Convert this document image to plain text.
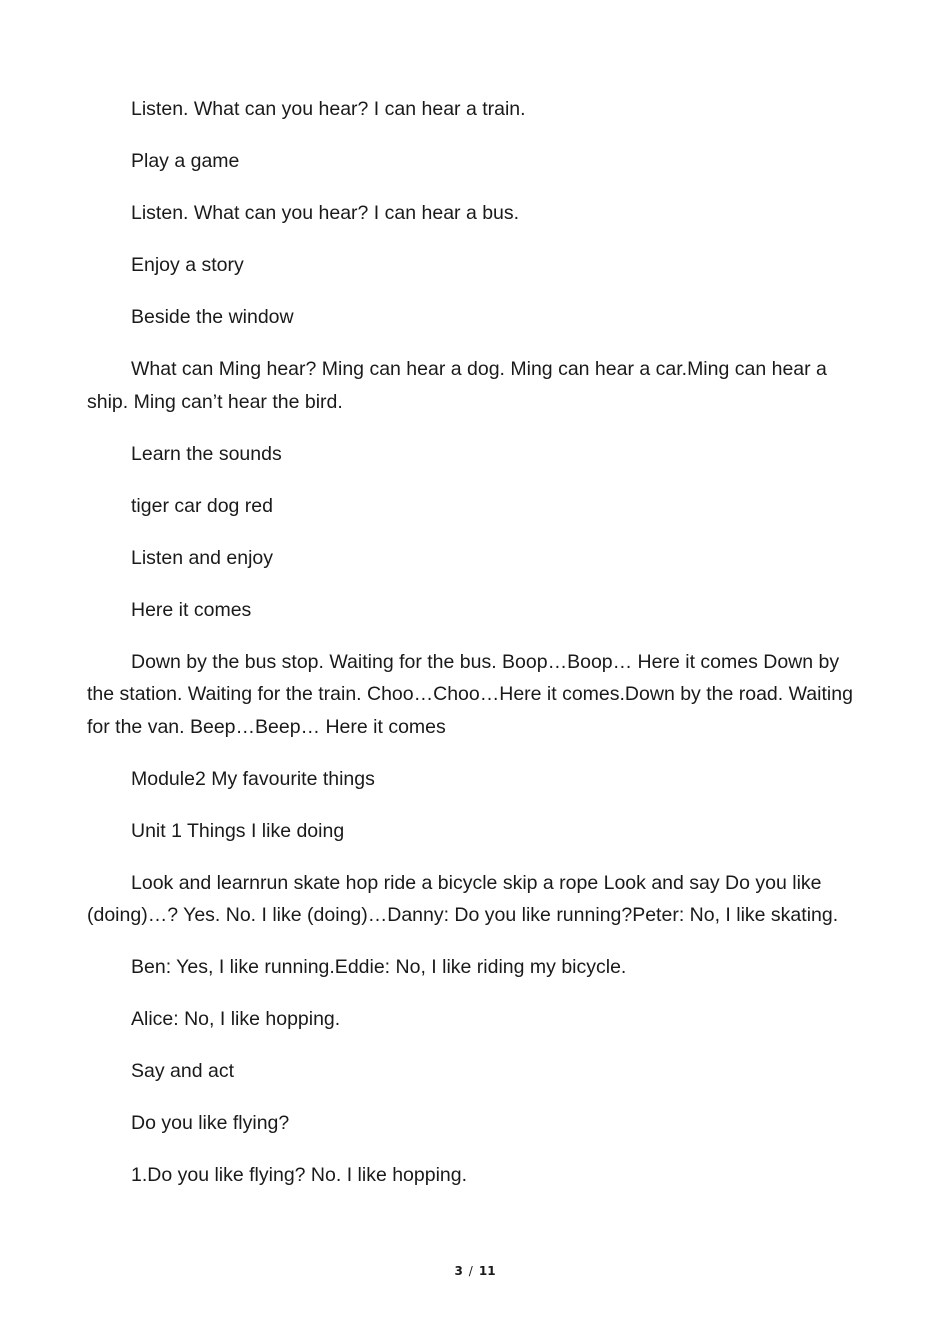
Listen. What can you hear? I can hear a train.

Play a game

Listen. What can you hear? I can hear a bus.

Enjoy a story

Beside the window

What can Ming hear? Ming can hear a dog. Ming can hear a car.Ming can hear a ship. Ming can’t hear the bird.

Learn the sounds

tiger car dog red

Listen and enjoy

Here it comes

Down by the bus stop. Waiting for the bus. Boop…Boop… Here it comes Down by the station. Waiting for the train. Choo…Choo…Here it comes.Down by the road. Waiting for the van. Beep…Beep… Here it comes

Module2 My favourite things

Unit 1 Things I like doing

Look and learnrun skate hop ride a bicycle skip a rope Look and say Do you like (doing)…? Yes. No. I like (doing)…Danny: Do you like running?Peter: No, I like skating.

Ben: Yes, I like running.Eddie: No, I like riding my bicycle.

Alice: No, I like hopping.

Say and act

Do you like flying?

1.Do you like flying? No. I like hopping.

3 / 11
